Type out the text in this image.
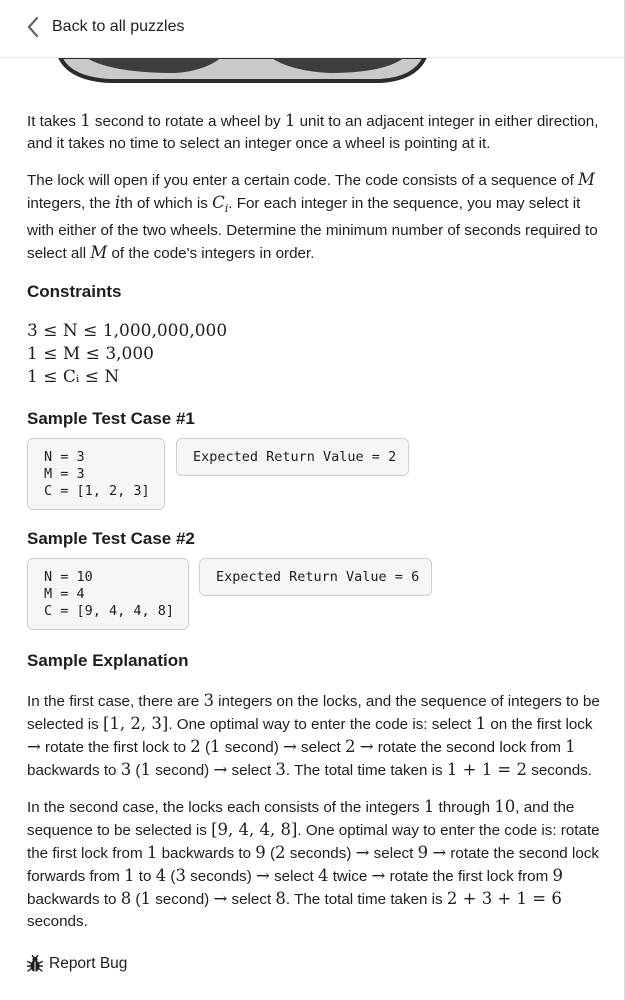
Back to all puzzles

It takes 1 second to rotate a wheel by 1 unit to an adjacent integer in either direction, and it takes no time to select an integer once a wheel is pointing at it.

The lock will open if you enter a certain code. The code consists of a sequence of M integers, the ith of which is $C_i$. For each integer in the sequence, you may select it with either of the two wheels. Determine the minimum number of seconds required to select all M of the code's integers in order.

Constraints
3 ≤ N ≤ 1,000,000,000
1 ≤ M ≤ 3,000
1 ≤ Cᵢ ≤ N
Sample Test Case #1
N = 3
M = 3
C = [1, 2, 3]
Expected Return Value = 2
Sample Test Case #2
N = 10
M = 4
C = [9, 4, 4, 8]
Expected Return Value = 6
Sample Explanation

In the first case, there are 3 integers on the locks, and the sequence of integers to be selected is [1, 2, 3]. One optimal way to enter the code is: select 1 on the first lock → rotate the first lock to 2 (1 second) → select 2 → rotate the second lock from 1 backwards to 3 (1 second) → select 3. The total time taken is 1 + 1 = 2 seconds.

In the second case, the locks each consists of the integers 1 through 10, and the sequence to be selected is [9, 4, 4, 8]. One optimal way to enter the code is: rotate the first lock from 1 backwards to 9 (2 seconds) → select 9 → rotate the second lock forwards from 1 to 4 (3 seconds) → select 4 twice → rotate the first lock from 9 backwards to 8 (1 second) → select 8. The total time taken is 2 + 3 + 1 = 6 seconds.

Report Bug
